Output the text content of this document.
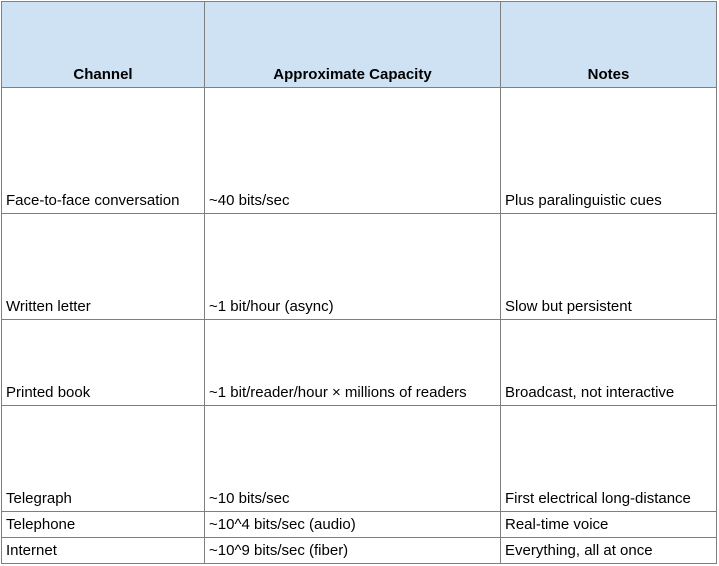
Channel	Approximate Capacity	Notes
Face-to-face conversation	~40 bits/sec	Plus paralinguistic cues
Written letter	~1 bit/hour (async)	Slow but persistent
Printed book	~1 bit/reader/hour × millions of readers	Broadcast, not interactive
Telegraph	~10 bits/sec	First electrical long-distance
Telephone	~10^4 bits/sec (audio)	Real-time voice
Internet	~10^9 bits/sec (fiber)	Everything, all at once
